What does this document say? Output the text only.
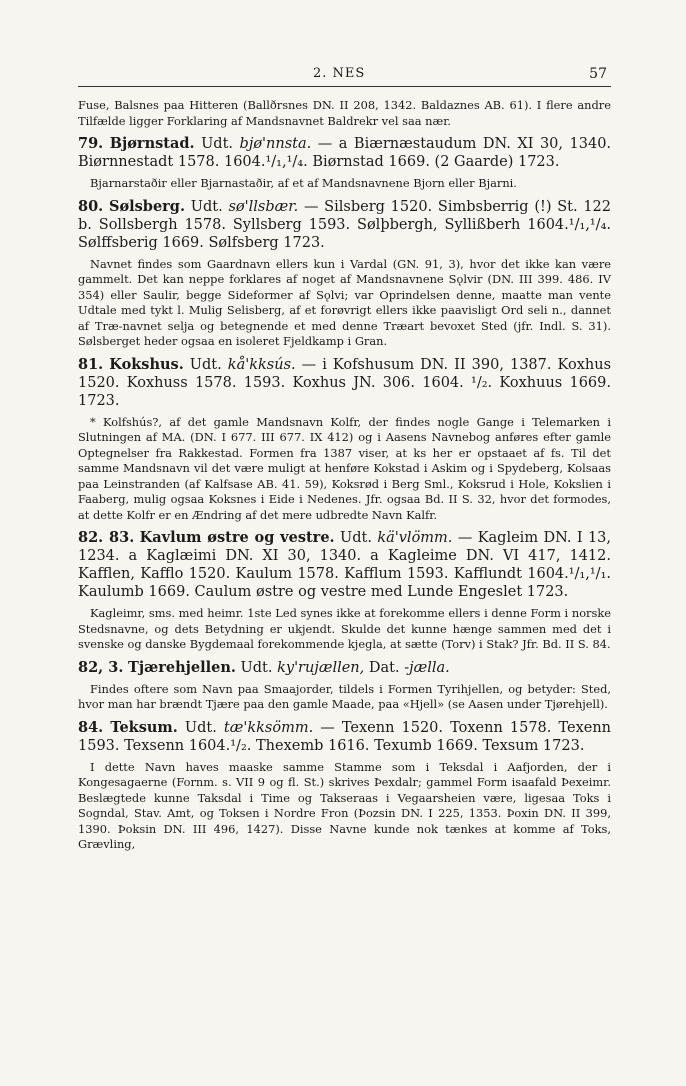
2. NES	57

Fuse, Balsnes paa Hitteren (Ballðrsnes DN. II 208, 1342. Baldaznes AB. 61). I flere andre Tilfælde ligger Forklaring af Mandsnavnet Baldrekr vel saa nær.

79. Bjørnstad. Udt. bjø'nnsta. — a Biærnæstaudum DN. XI 30, 1340. Biørnnestadt 1578. 1604.¹/₁,¹/₄. Biørnstad 1669. (2 Gaarde) 1723.

Bjarnarstaðir eller Bjarnastaðir, af et af Mandsnavnene Bjorn eller Bjarni.

80. Sølsberg. Udt. sø'llsbær. — Silsberg 1520. Simbsberrig (!) St. 122 b. Sollsbergh 1578. Syllsberg 1593. Sølþbergh, Syllißberh 1604.¹/₁,¹/₄. Sølffsberig 1669. Sølfsberg 1723.

Navnet findes som Gaardnavn ellers kun i Vardal (GN. 91, 3), hvor det ikke kan være gammelt. Det kan neppe forklares af noget af Mandsnavnene Sǫlvir (DN. III 399. 486. IV 354) eller Saulir, begge Sideformer af Sǫlvi; var Oprindelsen denne, maatte man vente Udtale med tykt l. Mulig Selisberg, af et forøvrigt ellers ikke paavisligt Ord seli n., dannet af Træ-navnet selja og betegnende et med denne Træart bevoxet Sted (jfr. Indl. S. 31). Sølsberget heder ogsaa en isoleret Fjeldkamp i Gran.

81. Kokshus. Udt. kå'kksús. — i Kofshusum DN. II 390, 1387. Koxhus 1520. Koxhuss 1578. 1593. Koxhus JN. 306. 1604. ¹/₂. Koxhuus 1669. 1723.

* Kolfshús?, af det gamle Mandsnavn Kolfr, der findes nogle Gange i Telemarken i Slutningen af MA. (DN. I 677. III 677. IX 412) og i Aasens Navnebog anføres efter gamle Optegnelser fra Rakkestad. Formen fra 1387 viser, at ks her er opstaaet af fs. Til det samme Mandsnavn vil det være muligt at henføre Kokstad i Askim og i Spydeberg, Kolsaas paa Leinstranden (af Kalfsase AB. 41. 59), Koksrød i Berg Sml., Koksrud i Hole, Kokslien i Faaberg, mulig ogsaa Koksnes i Eide i Nedenes. Jfr. ogsaa Bd. II S. 32, hvor det formodes, at dette Kolfr er en Ændring af det mere udbredte Navn Kalfr.

82. 83. Kavlum østre og vestre. Udt. kä'vlömm. — Kagleim DN. I 13, 1234. a Kaglæimi DN. XI 30, 1340. a Kagleime DN. VI 417, 1412. Kafflen, Kafflo 1520. Kaulum 1578. Kafflum 1593. Kafflundt 1604.¹/₁,¹/₁. Kaulumb 1669. Caulum østre og vestre med Lunde Engeslet 1723.

Kagleimr, sms. med heimr. 1ste Led synes ikke at forekomme ellers i denne Form i norske Stedsnavne, og dets Betydning er ukjendt. Skulde det kunne hænge sammen med det i svenske og danske Bygdemaal forekommende kjegla, at sætte (Torv) i Stak? Jfr. Bd. II S. 84.

82, 3. Tjærehjellen. Udt. ky'rujællen, Dat. -jælla.

Findes oftere som Navn paa Smaajorder, tildels i Formen Tyrihjellen, og betyder: Sted, hvor man har brændt Tjære paa den gamle Maade, paa «Hjell» (se Aasen under Tjørehjell).

84. Teksum. Udt. tæ'kksömm. — Texenn 1520. Toxenn 1578. Texenn 1593. Texsenn 1604.¹/₂. Thexemb 1616. Texumb 1669. Texsum 1723.

I dette Navn haves maaske samme Stamme som i Teksdal i Aafjorden, der i Kongesagaerne (Fornm. s. VII 9 og fl. St.) skrives Þexdalr; gammel Form isaafald Þexeimr. Beslægtede kunne Taksdal i Time og Takseraas i Vegaarsheien være, ligesaa Toks i Sogndal, Stav. Amt, og Toksen i Nordre Fron (Þozsin DN. I 225, 1353. Þoxin DN. II 399, 1390. Þoksin DN. III 496, 1427). Disse Navne kunde nok tænkes at komme af Toks, Grævling,
